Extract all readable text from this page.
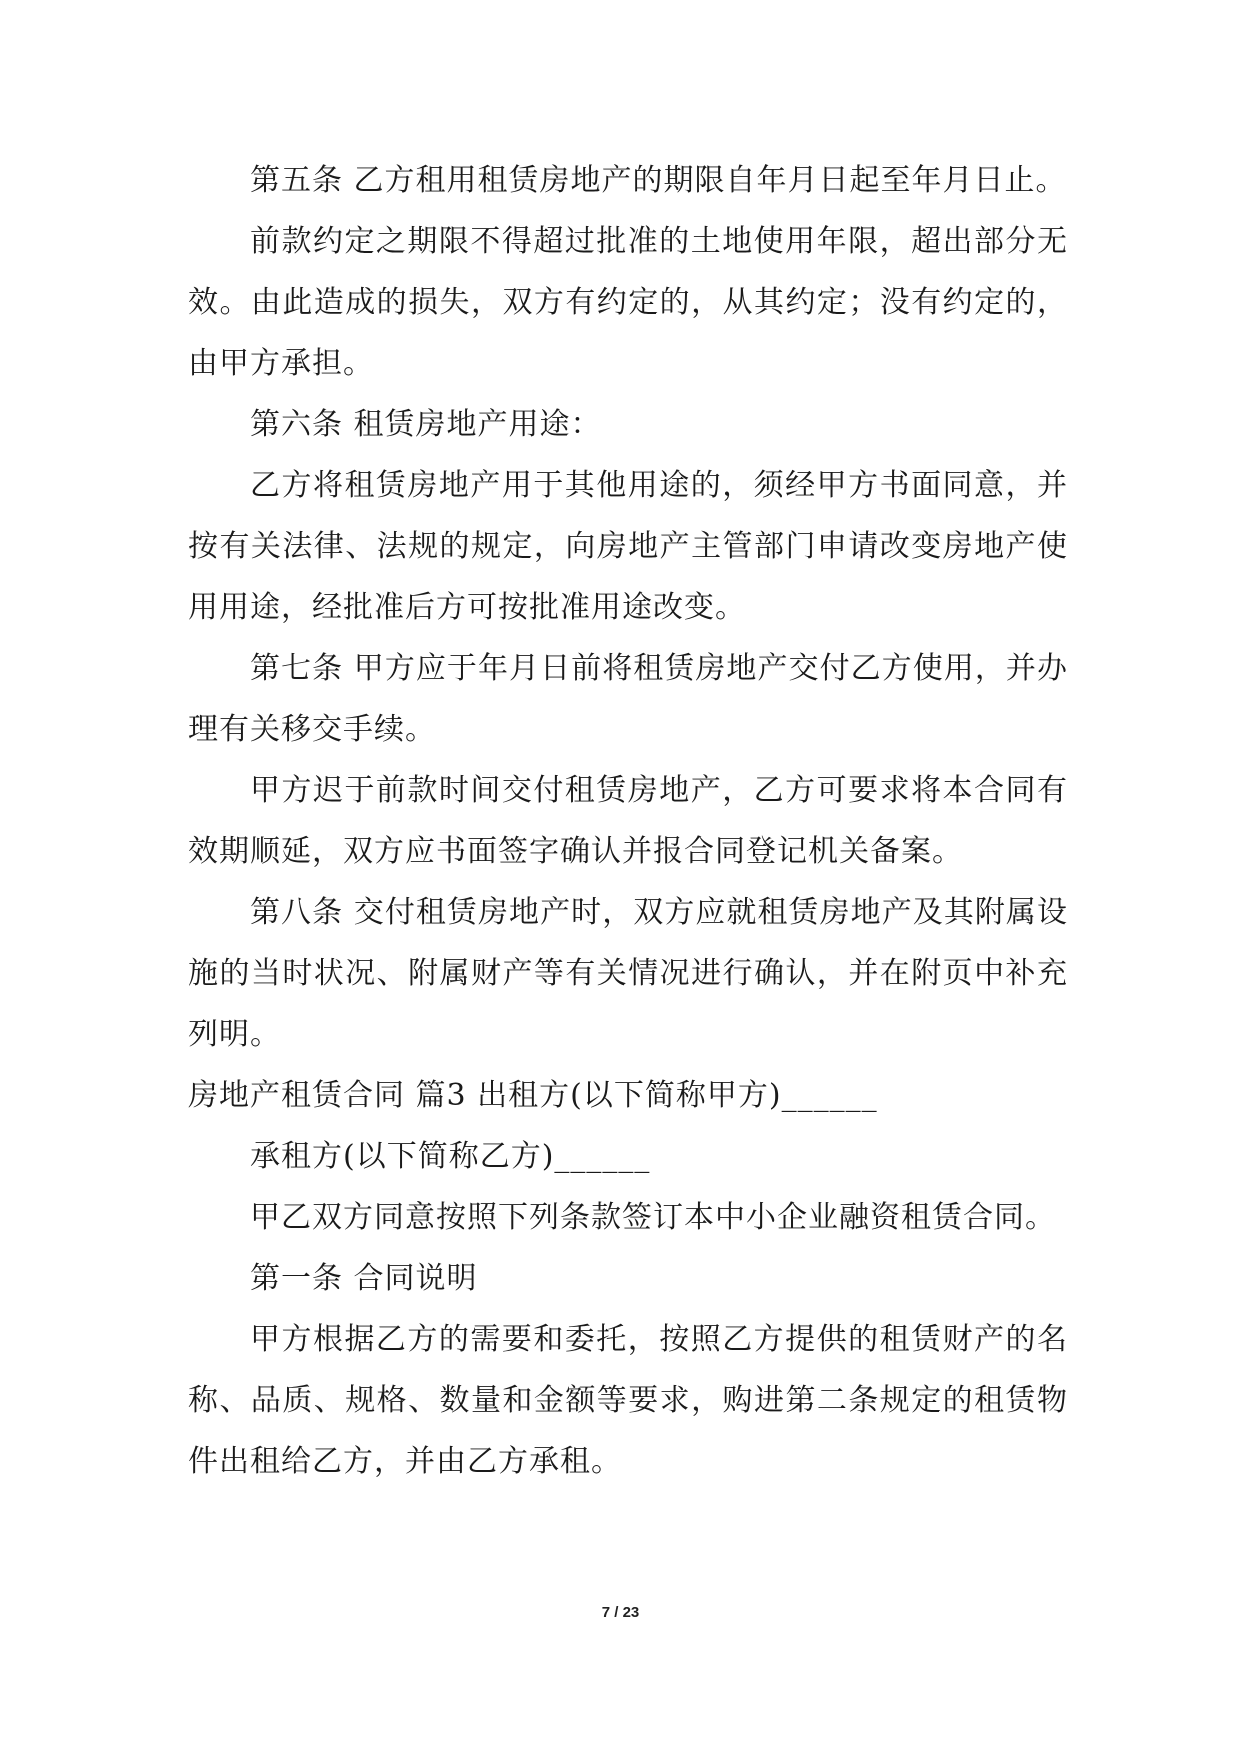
第五条 乙方租用租赁房地产的期限自年月日起至年月日止。

前款约定之期限不得超过批准的土地使用年限，超出部分无效。由此造成的损失，双方有约定的，从其约定；没有约定的，由甲方承担。

第六条 租赁房地产用途：

乙方将租赁房地产用于其他用途的，须经甲方书面同意，并按有关法律、法规的规定，向房地产主管部门申请改变房地产使用用途，经批准后方可按批准用途改变。

第七条 甲方应于年月日前将租赁房地产交付乙方使用，并办理有关移交手续。

甲方迟于前款时间交付租赁房地产，乙方可要求将本合同有效期顺延，双方应书面签字确认并报合同登记机关备案。

第八条 交付租赁房地产时，双方应就租赁房地产及其附属设施的当时状况、附属财产等有关情况进行确认，并在附页中补充列明。

房地产租赁合同 篇3 出租方(以下简称甲方)______

承租方(以下简称乙方)______

甲乙双方同意按照下列条款签订本中小企业融资租赁合同。

第一条 合同说明

甲方根据乙方的需要和委托，按照乙方提供的租赁财产的名称、品质、规格、数量和金额等要求，购进第二条规定的租赁物件出租给乙方，并由乙方承租。

7 / 23
